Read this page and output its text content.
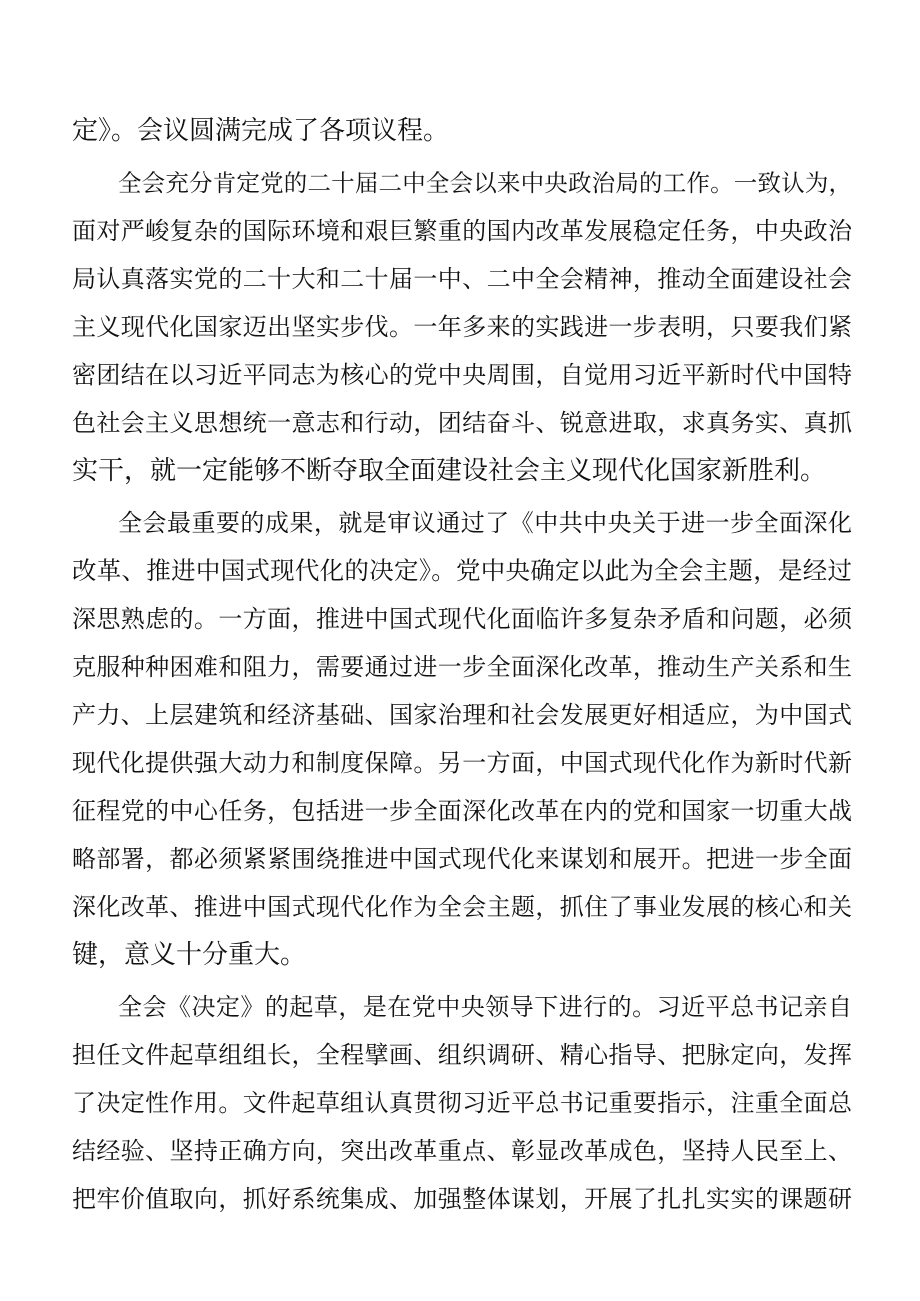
定》。会议圆满完成了各项议程。
全会充分肯定党的二十届二中全会以来中央政治局的工作。一致认为，
面对严峻复杂的国际环境和艰巨繁重的国内改革发展稳定任务，中央政治
局认真落实党的二十大和二十届一中、二中全会精神，推动全面建设社会
主义现代化国家迈出坚实步伐。一年多来的实践进一步表明，只要我们紧
密团结在以习近平同志为核心的党中央周围，自觉用习近平新时代中国特
色社会主义思想统一意志和行动，团结奋斗、锐意进取，求真务实、真抓
实干，就一定能够不断夺取全面建设社会主义现代化国家新胜利。
全会最重要的成果，就是审议通过了《中共中央关于进一步全面深化
改革、推进中国式现代化的决定》。党中央确定以此为全会主题，是经过
深思熟虑的。一方面，推进中国式现代化面临许多复杂矛盾和问题，必须
克服种种困难和阻力，需要通过进一步全面深化改革，推动生产关系和生
产力、上层建筑和经济基础、国家治理和社会发展更好相适应，为中国式
现代化提供强大动力和制度保障。另一方面，中国式现代化作为新时代新
征程党的中心任务，包括进一步全面深化改革在内的党和国家一切重大战
略部署，都必须紧紧围绕推进中国式现代化来谋划和展开。把进一步全面
深化改革、推进中国式现代化作为全会主题，抓住了事业发展的核心和关
键，意义十分重大。
全会《决定》的起草，是在党中央领导下进行的。习近平总书记亲自
担任文件起草组组长，全程擘画、组织调研、精心指导、把脉定向，发挥
了决定性作用。文件起草组认真贯彻习近平总书记重要指示，注重全面总
结经验、坚持正确方向，突出改革重点、彰显改革成色，坚持人民至上、
把牢价值取向，抓好系统集成、加强整体谋划，开展了扎扎实实的课题研
